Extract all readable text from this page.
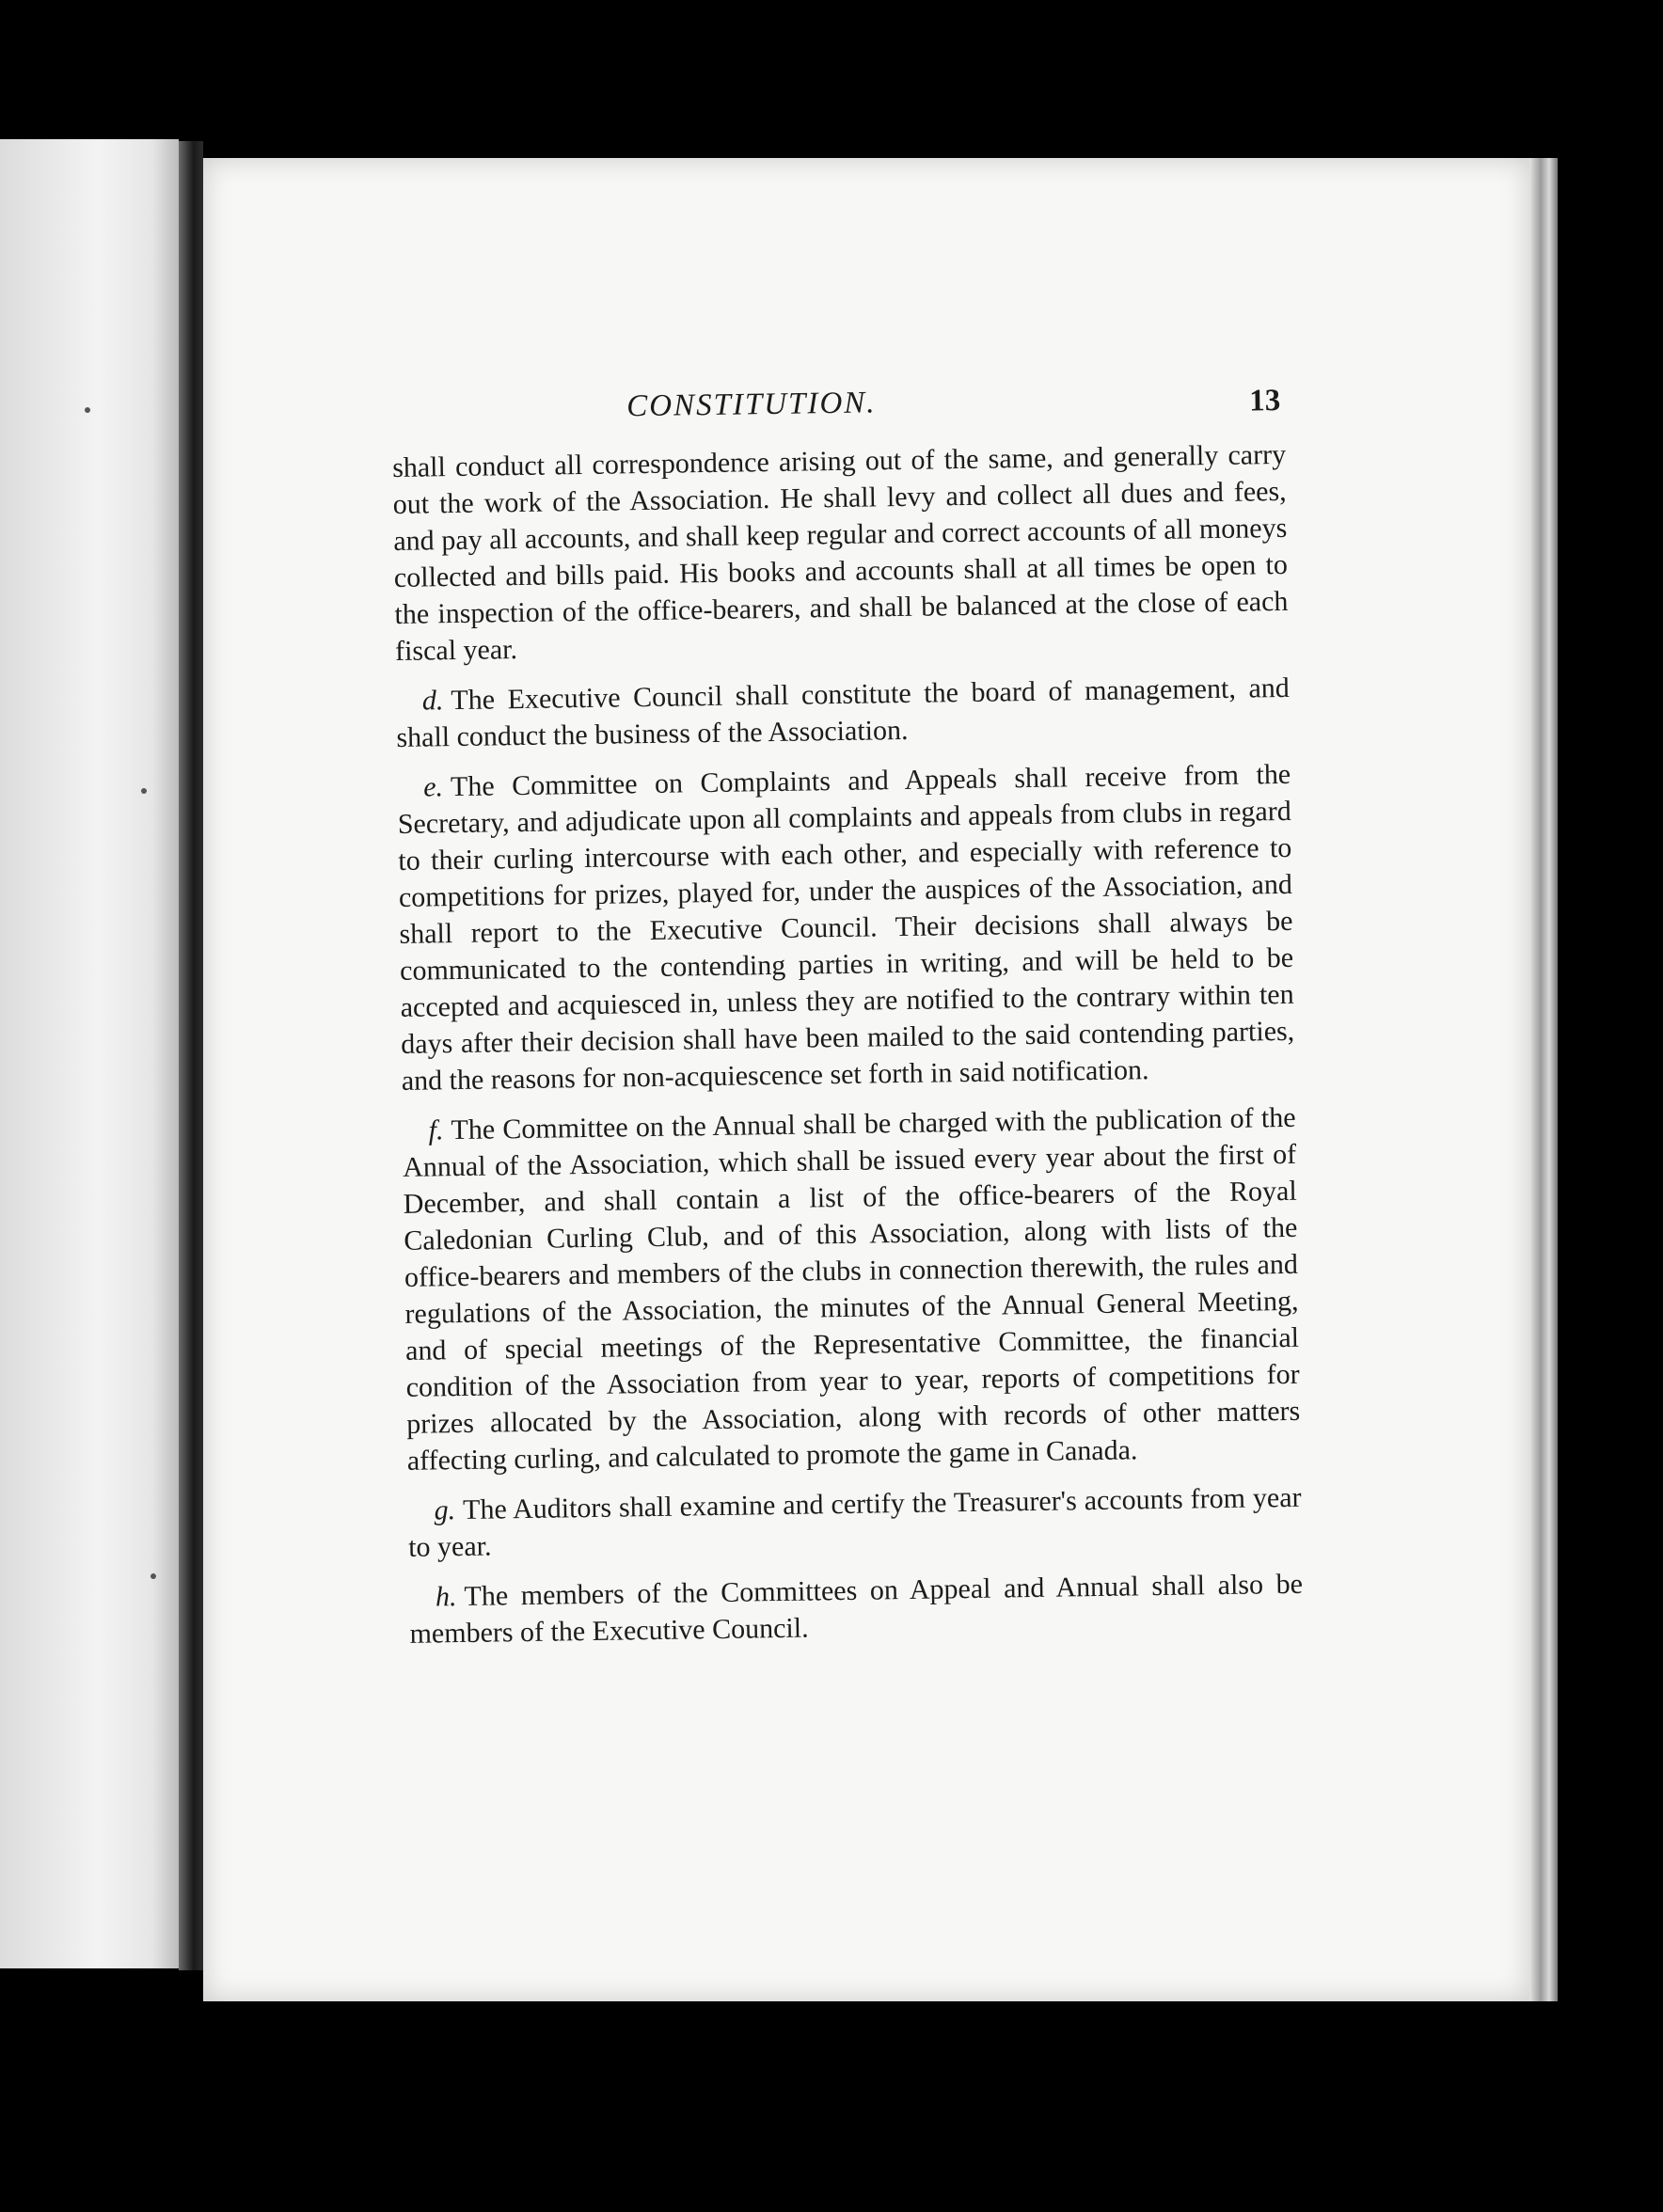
CONSTITUTION.	13

shall conduct all correspondence arising out of the same, and generally carry out the work of the Association. He shall levy and collect all dues and fees, and pay all accounts, and shall keep regular and correct accounts of all moneys collected and bills paid. His books and accounts shall at all times be open to the inspection of the office-bearers, and shall be balanced at the close of each fiscal year.

d. The Executive Council shall constitute the board of management, and shall conduct the business of the Association.

e. The Committee on Complaints and Appeals shall receive from the Secretary, and adjudicate upon all complaints and appeals from clubs in regard to their curling intercourse with each other, and especially with reference to competitions for prizes, played for, under the auspices of the Association, and shall report to the Executive Council. Their decisions shall always be communicated to the contending parties in writing, and will be held to be accepted and acquiesced in, unless they are notified to the contrary within ten days after their decision shall have been mailed to the said contending parties, and the reasons for non-acquiescence set forth in said notification.

f. The Committee on the Annual shall be charged with the publication of the Annual of the Association, which shall be issued every year about the first of December, and shall contain a list of the office-bearers of the Royal Caledonian Curling Club, and of this Association, along with lists of the office-bearers and members of the clubs in connection therewith, the rules and regulations of the Association, the minutes of the Annual General Meeting, and of special meetings of the Representative Committee, the financial condition of the Association from year to year, reports of competitions for prizes allocated by the Association, along with records of other matters affecting curling, and calculated to promote the game in Canada.

g. The Auditors shall examine and certify the Treasurer's accounts from year to year.

h. The members of the Committees on Appeal and Annual shall also be members of the Executive Council.
